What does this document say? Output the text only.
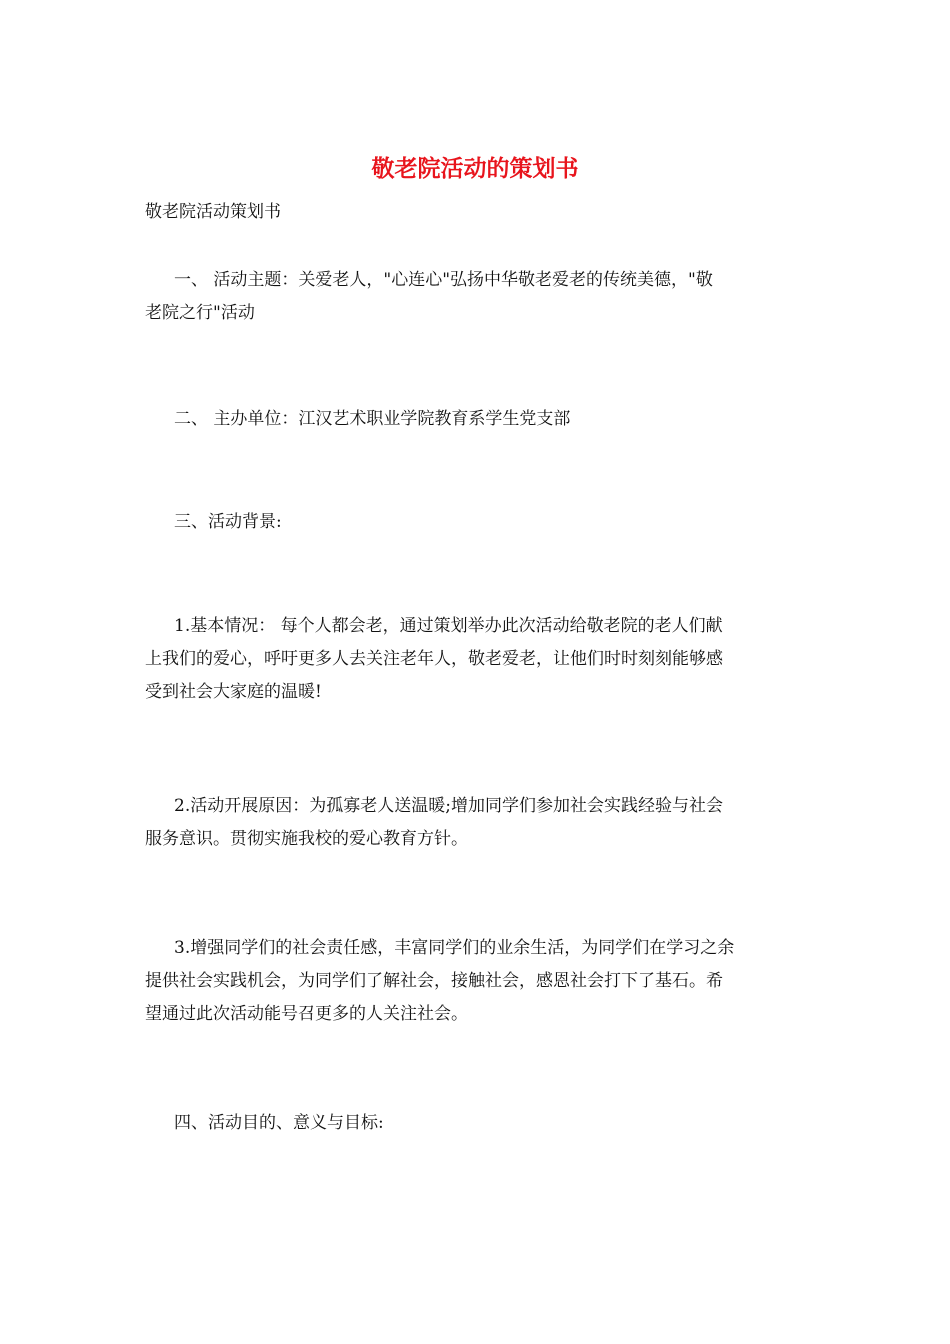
敬老院活动的策划书

敬老院活动策划书

一、 活动主题：关爱老人，"心连心"弘扬中华敬老爱老的传统美德，"敬
老院之行"活动

二、 主办单位：江汉艺术职业学院教育系学生党支部

三、活动背景:

1.基本情况： 每个人都会老，通过策划举办此次活动给敬老院的老人们献
上我们的爱心，呼吁更多人去关注老年人，敬老爱老，让他们时时刻刻能够感
受到社会大家庭的温暖!

2.活动开展原因：为孤寡老人送温暖;增加同学们参加社会实践经验与社会
服务意识。贯彻实施我校的爱心教育方针。

3.增强同学们的社会责任感，丰富同学们的业余生活，为同学们在学习之余
提供社会实践机会，为同学们了解社会，接触社会，感恩社会打下了基石。希
望通过此次活动能号召更多的人关注社会。

四、活动目的、意义与目标:
